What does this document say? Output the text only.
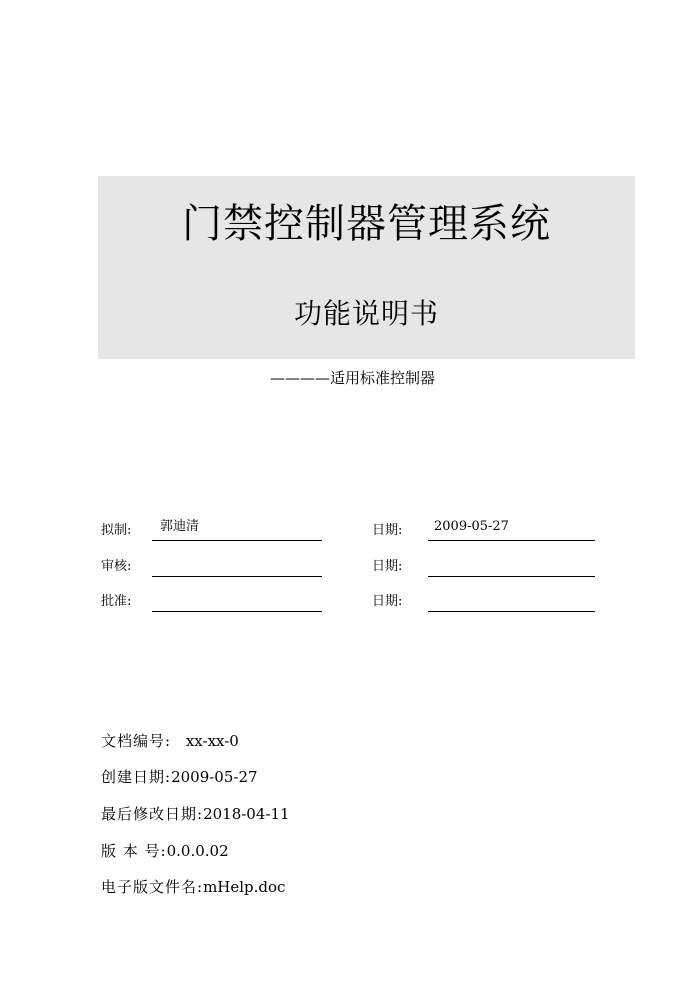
门禁控制器管理系统
功能说明书
————适用标准控制器
拟制: 郭迪清	日期: 2009-05-27
审核:	日期:
批准:	日期:
文档编号: xx-xx-0
创建日期:2009-05-27
最后修改日期:2018-04-11
版 本 号:0.0.0.02
电子版文件名:mHelp.doc
